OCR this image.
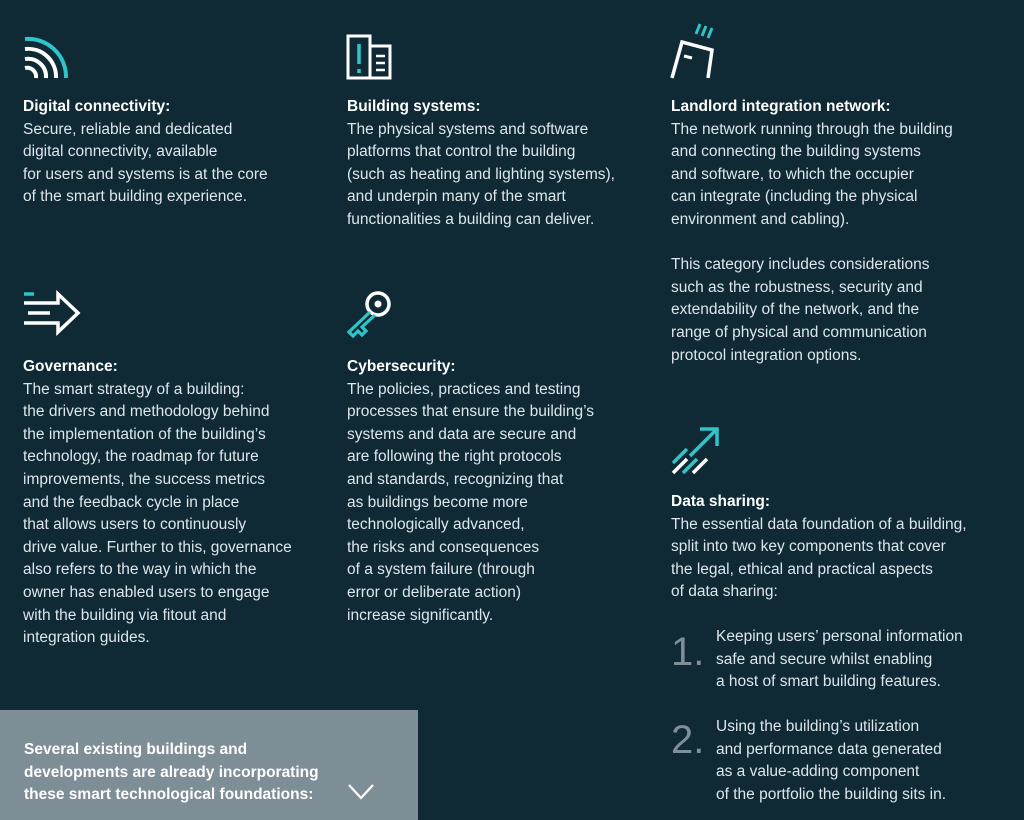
Digital connectivity:

Secure, reliable and dedicated
digital connectivity, available
for users and systems is at the core
of the smart building experience.

Building systems:

The physical systems and software
platforms that control the building
(such as heating and lighting systems),
and underpin many of the smart
functionalities a building can deliver.

Landlord integration network:

The network running through the building
and connecting the building systems
and software, to which the occupier
can integrate (including the physical
environment and cabling).

This category includes considerations
such as the robustness, security and
extendability of the network, and the
range of physical and communication
protocol integration options.

Governance:

The smart strategy of a building:
the drivers and methodology behind
the implementation of the building’s
technology, the roadmap for future
improvements, the success metrics
and the feedback cycle in place
that allows users to continuously
drive value. Further to this, governance
also refers to the way in which the
owner has enabled users to engage
with the building via fitout and
integration guides.

Cybersecurity:

The policies, practices and testing
processes that ensure the building’s
systems and data are secure and
are following the right protocols
and standards, recognizing that
as buildings become more
technologically advanced,
the risks and consequences
of a system failure (through
error or deliberate action)
increase significantly.

Data sharing:

The essential data foundation of a building,
split into two key components that cover
the legal, ethical and practical aspects
of data sharing:

1. Keeping users’ personal information
safe and secure whilst enabling
a host of smart building features.

2. Using the building’s utilization
and performance data generated
as a value-adding component
of the portfolio the building sits in.

Several existing buildings and
developments are already incorporating
these smart technological foundations:
